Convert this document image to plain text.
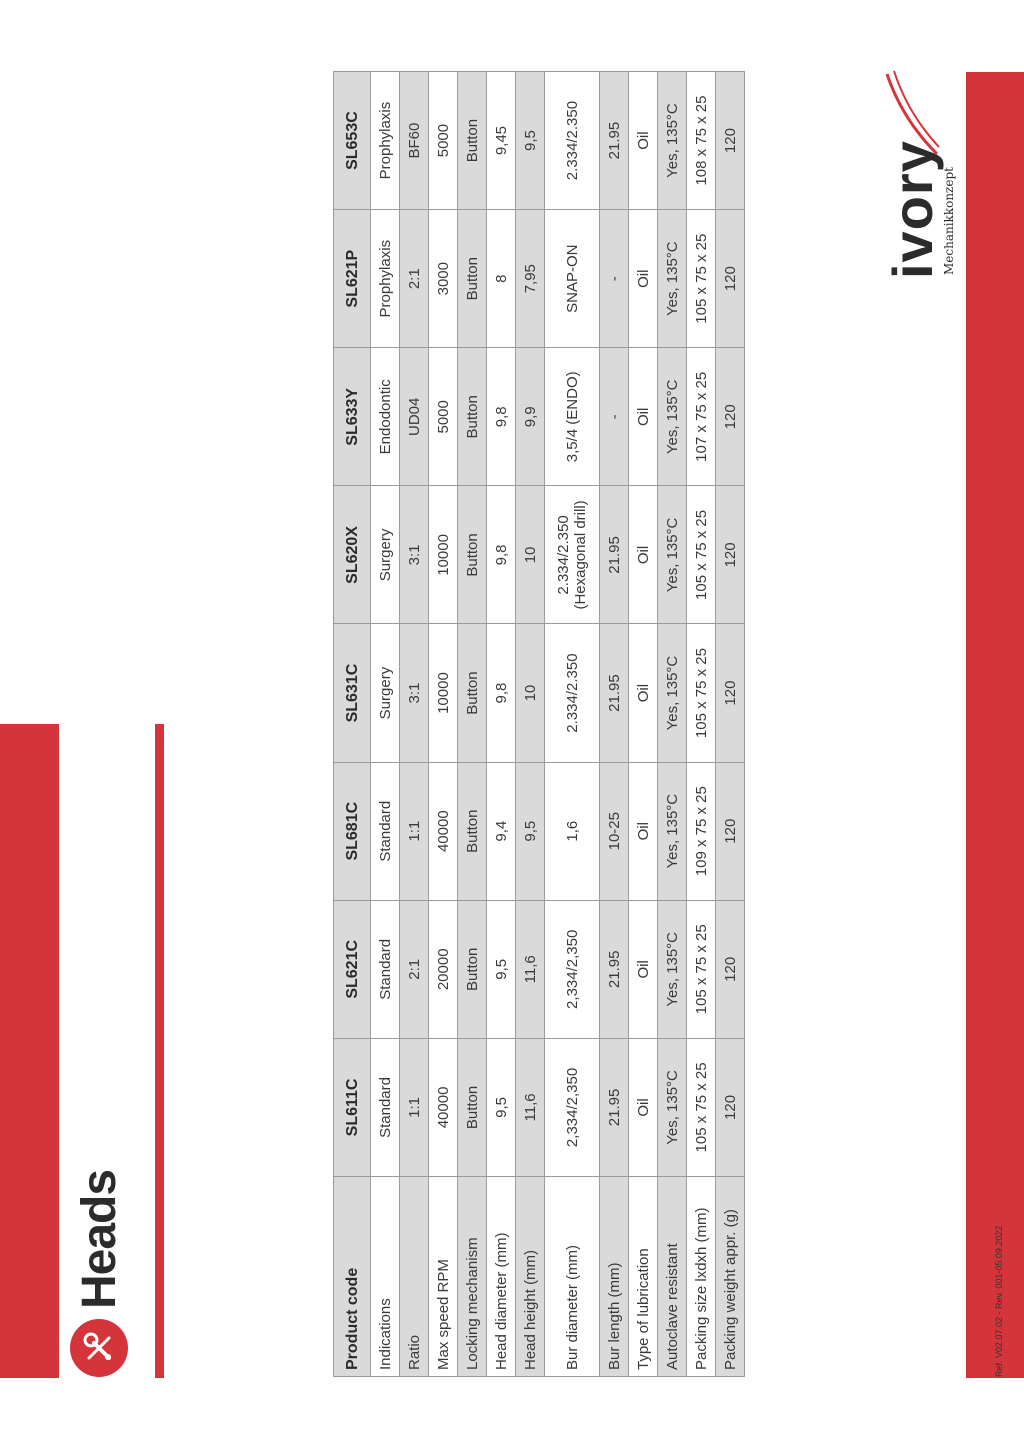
Heads
Product code	SL611C	SL621C	SL681C	SL631C	SL620X	SL633Y	SL621P	SL653C
Indications	Standard	Standard	Standard	Surgery	Surgery	Endodontic	Prophylaxis	Prophylaxis
Ratio	1:1	2:1	1:1	3:1	3:1	UD04	2:1	BF60
Max speed RPM	40000	20000	40000	10000	10000	5000	3000	5000
Locking mechanism	Button	Button	Button	Button	Button	Button	Button	Button
Head diameter (mm)	9,5	9,5	9,4	9,8	9,8	9,8	8	9,45
Head height (mm)	11,6	11,6	9,5	10	10	9,9	7,95	9,5
Bur diameter (mm)	2,334/2,350	2,334/2,350	1,6	2.334/2.350	2.334/2.350 (Hexagonal drill)	3,5/4 (ENDO)	SNAP-ON	2.334/2.350
Bur length (mm)	21.95	21.95	10-25	21.95	21.95	-	-	21.95
Type of lubrication	Oil	Oil	Oil	Oil	Oil	Oil	Oil	Oil
Autoclave resistant	Yes, 135°C	Yes, 135°C	Yes, 135°C	Yes, 135°C	Yes, 135°C	Yes, 135°C	Yes, 135°C	Yes, 135°C
Packing size lxdxh (mm)	105 x 75 x 25	105 x 75 x 25	109 x 75 x 25	105 x 75 x 25	105 x 75 x 25	107 x 75 x 25	105 x 75 x 25	108 x 75 x 25
Packing weight appr. (g)	120	120	120	120	120	120	120	120
Ref. V02.07.02 - Rev. 001-05.09.2022
ivory
Mechanikkonzept
